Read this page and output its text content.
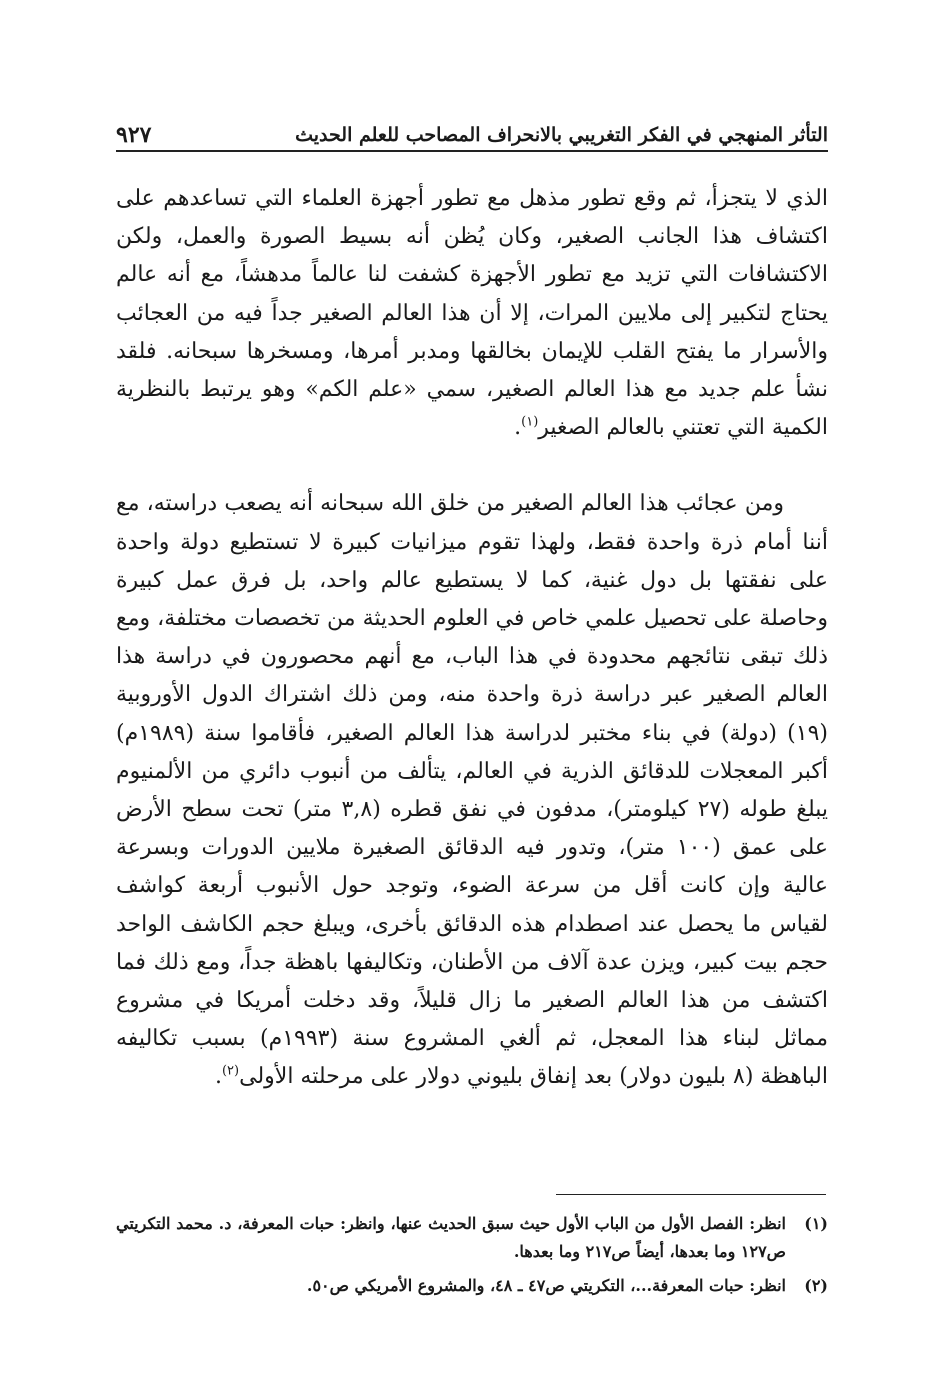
التأثر المنهجي في الفكر التغريبي بالانحراف المصاحب للعلم الحديث
٩٢٧

الذي لا يتجزأ، ثم وقع تطور مذهل مع تطور أجهزة العلماء التي تساعدهم على اكتشاف هذا الجانب الصغير، وكان يُظن أنه بسيط الصورة والعمل، ولكن الاكتشافات التي تزيد مع تطور الأجهزة كشفت لنا عالماً مدهشاً، مع أنه عالم يحتاج لتكبير إلى ملايين المرات، إلا أن هذا العالم الصغير جداً فيه من العجائب والأسرار ما يفتح القلب للإيمان بخالقها ومدبر أمرها، ومسخرها سبحانه. فلقد نشأ علم جديد مع هذا العالم الصغير، سمي «علم الكم» وهو يرتبط بالنظرية الكمية التي تعتني بالعالم الصغير$^{(١)}$.

ومن عجائب هذا العالم الصغير من خلق الله سبحانه أنه يصعب دراسته، مع أننا أمام ذرة واحدة فقط، ولهذا تقوم ميزانيات كبيرة لا تستطيع دولة واحدة على نفقتها بل دول غنية، كما لا يستطيع عالم واحد، بل فرق عمل كبيرة وحاصلة على تحصيل علمي خاص في العلوم الحديثة من تخصصات مختلفة، ومع ذلك تبقى نتائجهم محدودة في هذا الباب، مع أنهم محصورون في دراسة هذا العالم الصغير عبر دراسة ذرة واحدة منه، ومن ذلك اشتراك الدول الأوروبية (١٩) (دولة) في بناء مختبر لدراسة هذا العالم الصغير، فأقاموا سنة (١٩٨٩م) أكبر المعجلات للدقائق الذرية في العالم، يتألف من أنبوب دائري من الألمنيوم يبلغ طوله (٢٧ كيلومتر)، مدفون في نفق قطره (٣,٨ متر) تحت سطح الأرض على عمق (١٠٠ متر)، وتدور فيه الدقائق الصغيرة ملايين الدورات وبسرعة عالية وإن كانت أقل من سرعة الضوء، وتوجد حول الأنبوب أربعة كواشف لقياس ما يحصل عند اصطدام هذه الدقائق بأخرى، ويبلغ حجم الكاشف الواحد حجم بيت كبير، ويزن عدة آلاف من الأطنان، وتكاليفها باهظة جداً، ومع ذلك فما اكتشف من هذا العالم الصغير ما زال قليلاً، وقد دخلت أمريكا في مشروع مماثل لبناء هذا المعجل، ثم ألغي المشروع سنة (١٩٩٣م) بسبب تكاليفه الباهظة (٨ بليون دولار) بعد إنفاق بليوني دولار على مرحلته الأولى$^{(٢)}$.

(١)
انظر: الفصل الأول من الباب الأول حيث سبق الحديث عنها، وانظر: حبات المعرفة، د. محمد التكريتي ص١٢٧ وما بعدها، أيضاً ص٢١٧ وما بعدها.
(٢)
انظر: حبات المعرفة...، التكريتي ص٤٧ ـ ٤٨، والمشروع الأمريكي ص٥٠.
